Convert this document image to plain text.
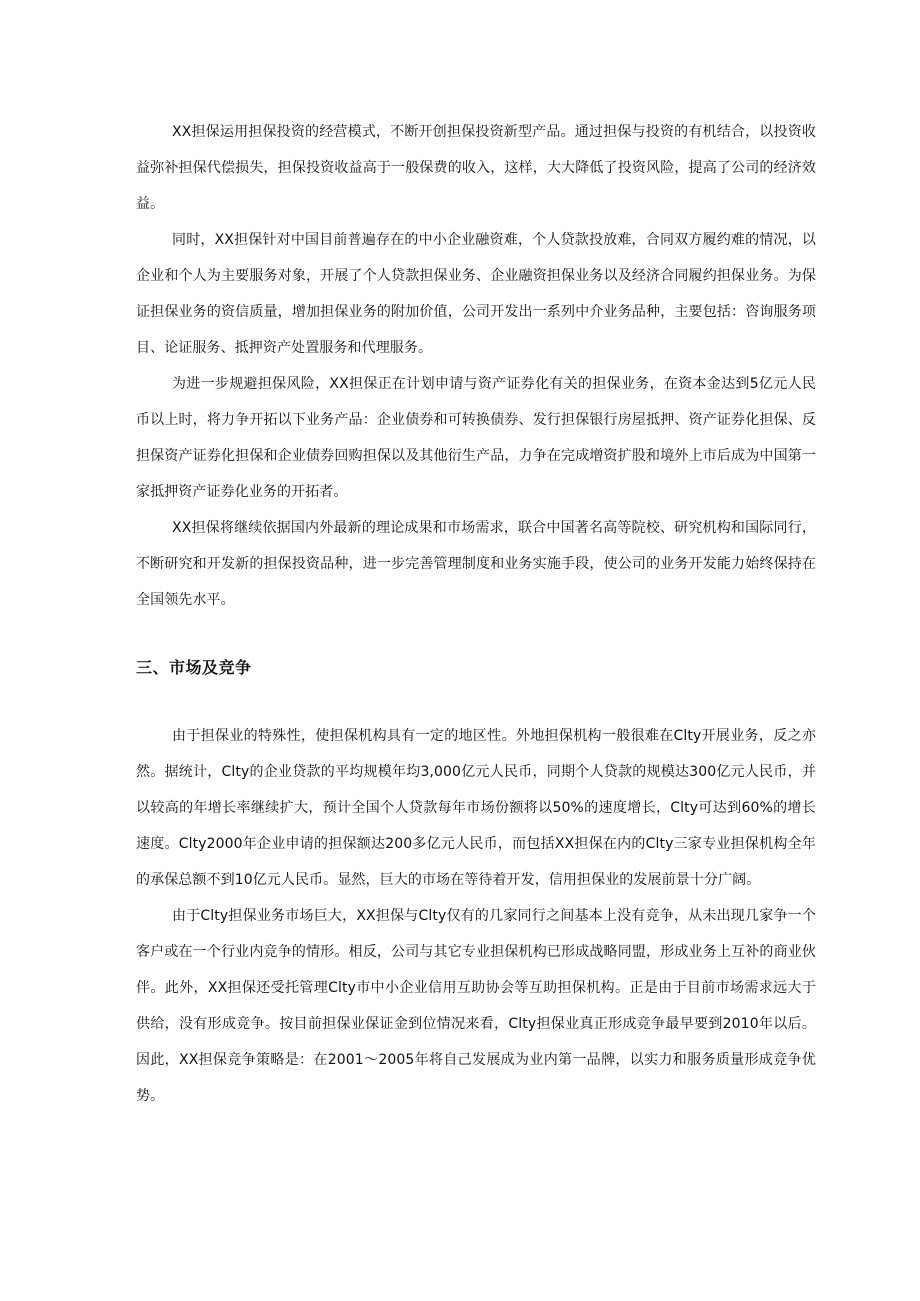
XX担保运用担保投资的经营模式，不断开创担保投资新型产品。通过担保与投资的有机结合，以投资收益弥补担保代偿损失，担保投资收益高于一般保费的收入，这样，大大降低了投资风险，提高了公司的经济效益。

同时，XX担保针对中国目前普遍存在的中小企业融资难，个人贷款投放难，合同双方履约难的情况，以企业和个人为主要服务对象，开展了个人贷款担保业务、企业融资担保业务以及经济合同履约担保业务。为保证担保业务的资信质量，增加担保业务的附加价值，公司开发出一系列中介业务品种，主要包括：咨询服务项目、论证服务、抵押资产处置服务和代理服务。

为进一步规避担保风险，XX担保正在计划申请与资产证券化有关的担保业务，在资本金达到5亿元人民币以上时，将力争开拓以下业务产品：企业债券和可转换债券、发行担保银行房屋抵押、资产证券化担保、反担保资产证券化担保和企业债券回购担保以及其他衍生产品，力争在完成增资扩股和境外上市后成为中国第一家抵押资产证券化业务的开拓者。

XX担保将继续依据国内外最新的理论成果和市场需求，联合中国著名高等院校、研究机构和国际同行，不断研究和开发新的担保投资品种，进一步完善管理制度和业务实施手段，使公司的业务开发能力始终保持在全国领先水平。

三、市场及竞争

由于担保业的特殊性，使担保机构具有一定的地区性。外地担保机构一般很难在Clty开展业务，反之亦然。据统计，Clty的企业贷款的平均规模年均3,000亿元人民币，同期个人贷款的规模达300亿元人民币，并以较高的年增长率继续扩大，预计全国个人贷款每年市场份额将以50%的速度增长，Clty可达到60%的增长速度。Clty2000年企业申请的担保额达200多亿元人民币，而包括XX担保在内的Clty三家专业担保机构全年的承保总额不到10亿元人民币。显然，巨大的市场在等待着开发，信用担保业的发展前景十分广阔。

由于Clty担保业务市场巨大，XX担保与Clty仅有的几家同行之间基本上没有竞争，从未出现几家争一个客户或在一个行业内竞争的情形。相反，公司与其它专业担保机构已形成战略同盟，形成业务上互补的商业伙伴。此外，XX担保还受托管理Clty市中小企业信用互助协会等互助担保机构。正是由于目前市场需求远大于供给，没有形成竞争。按目前担保业保证金到位情况来看，Clty担保业真正形成竞争最早要到2010年以后。因此，XX担保竞争策略是：在2001～2005年将自己发展成为业内第一品牌，以实力和服务质量形成竞争优势。
